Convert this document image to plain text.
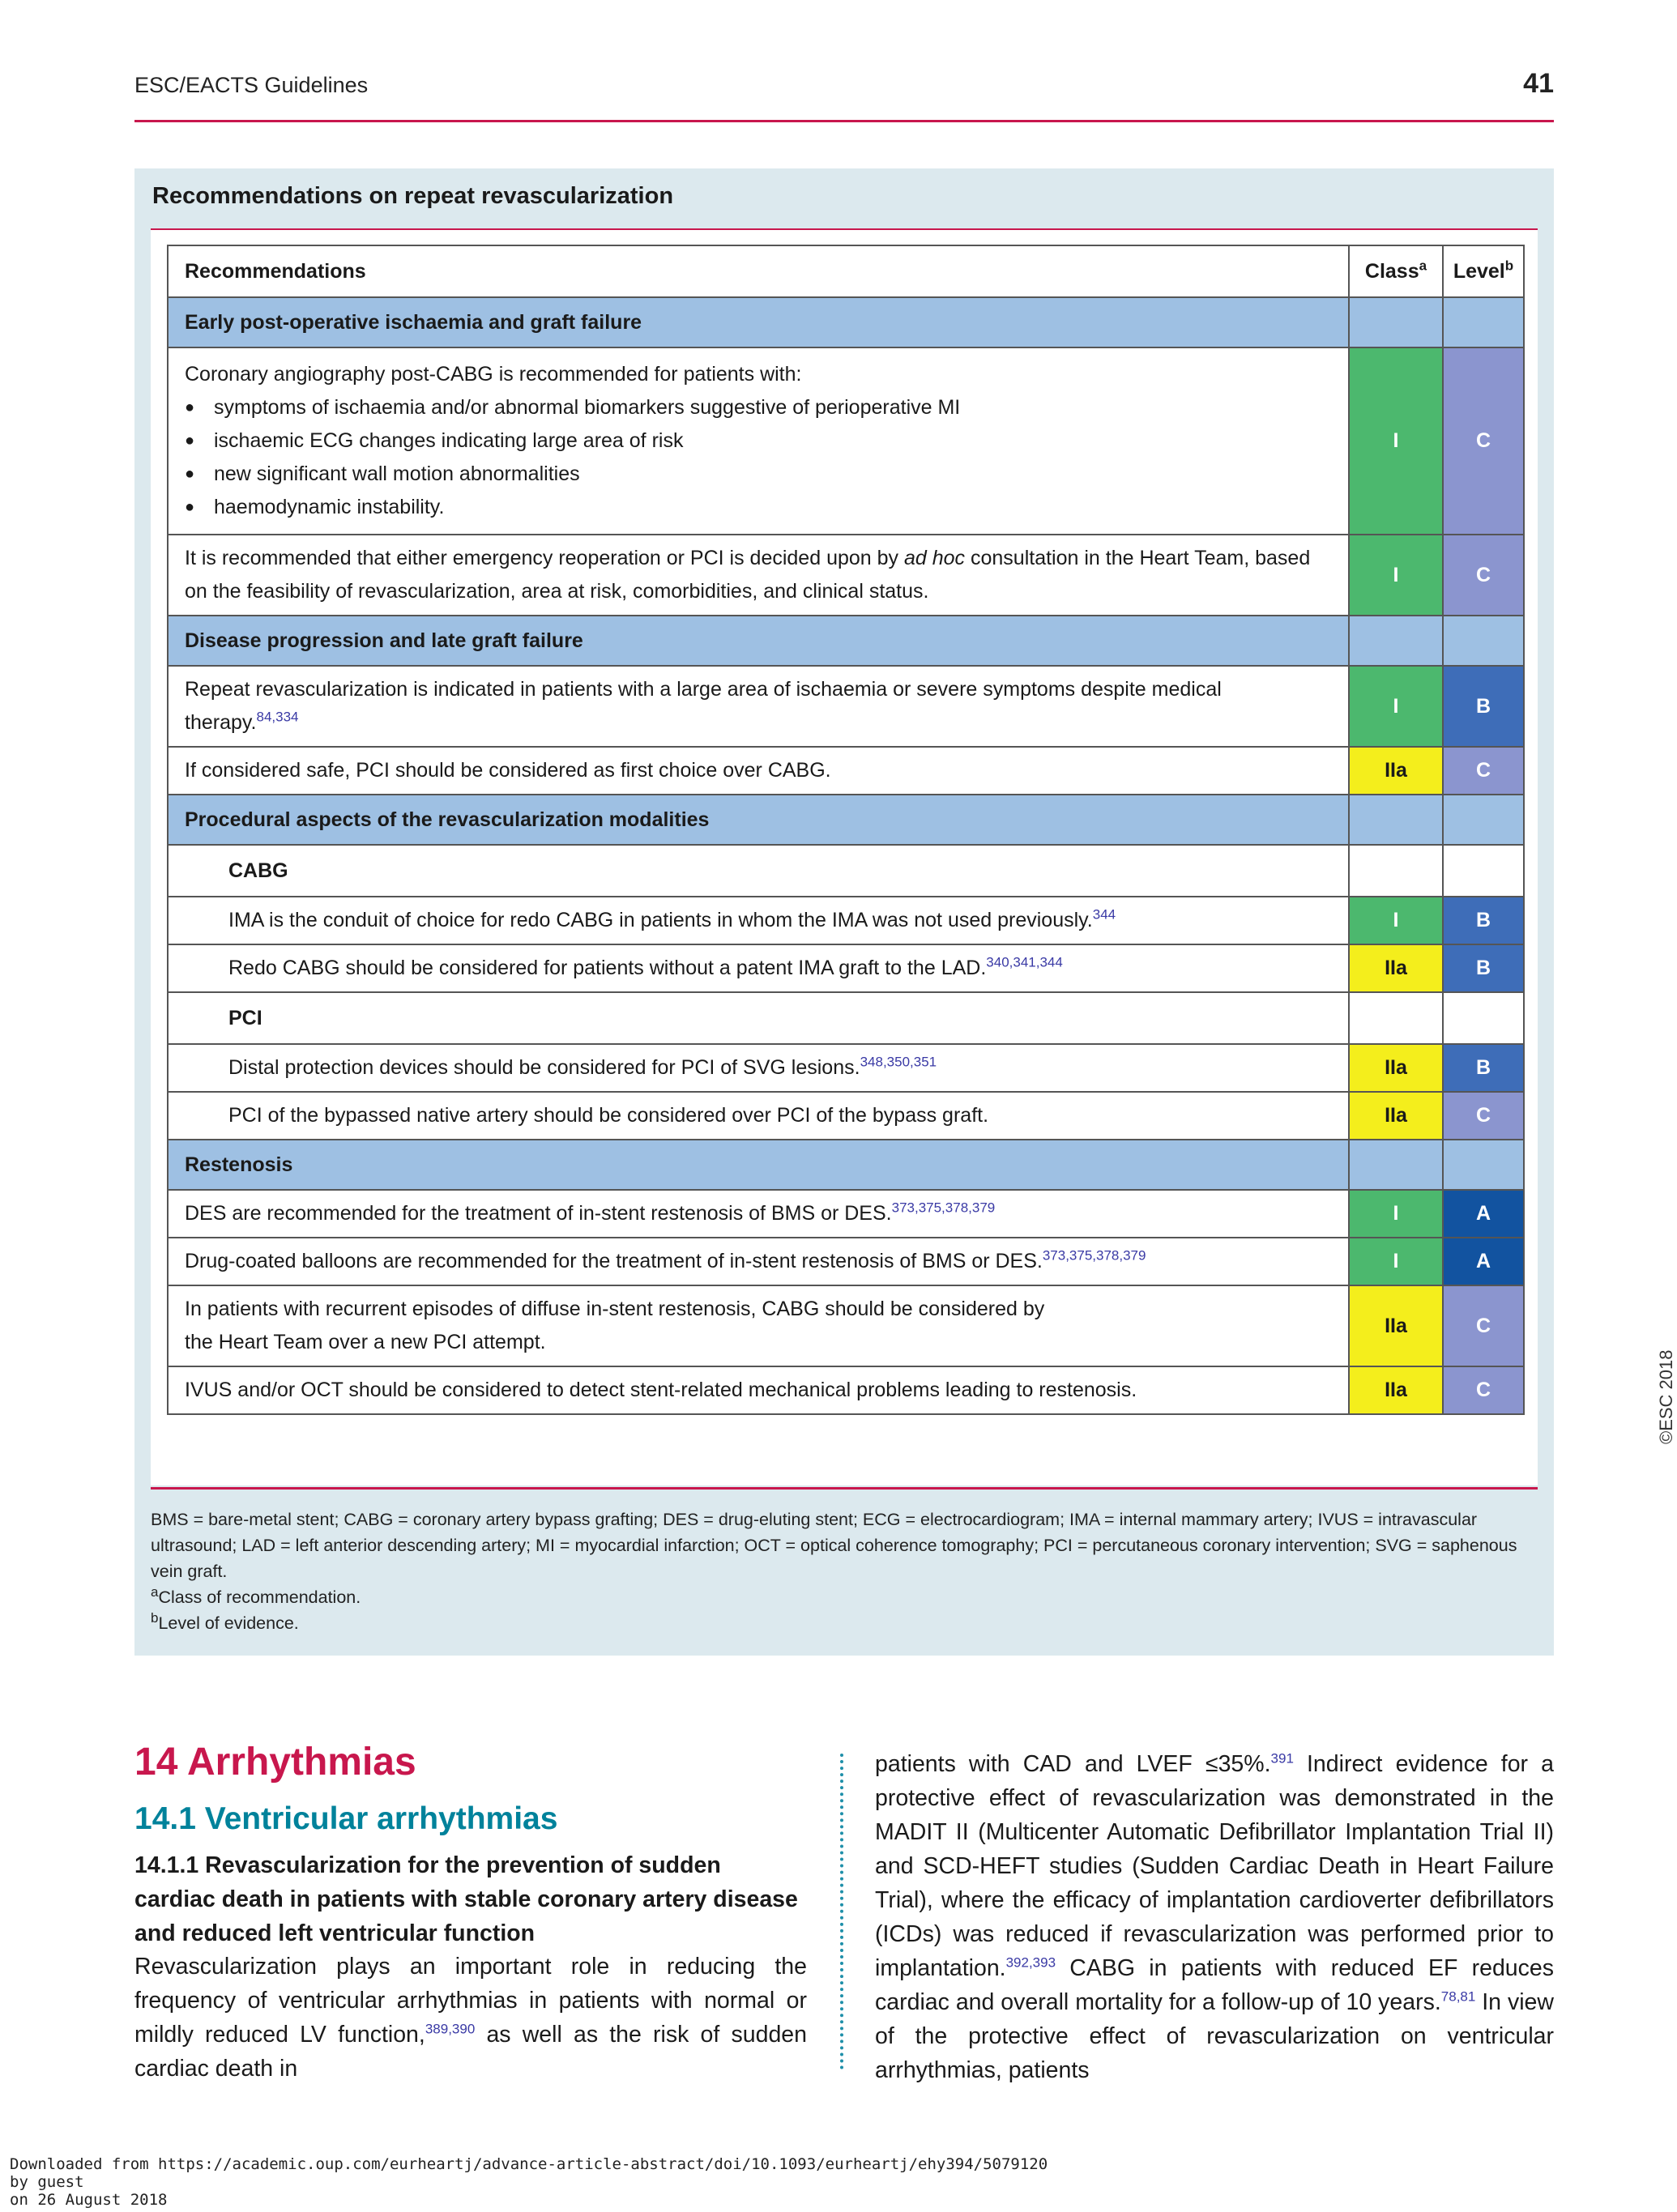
ESC/EACTS Guidelines	41
Recommendations on repeat revascularization
Recommendations	Class$^a$	Level$^b$
Early post-operative ischaemia and graft failure		
Coronary angiography post-CABG is recommended for patients with:
● symptoms of ischaemia and/or abnormal biomarkers suggestive of perioperative MI
● ischaemic ECG changes indicating large area of risk
● new significant wall motion abnormalities
● haemodynamic instability.	I	C
It is recommended that either emergency reoperation or PCI is decided upon by ad hoc consultation in the Heart Team, based on the feasibility of revascularization, area at risk, comorbidities, and clinical status.	I	C
Disease progression and late graft failure		
Repeat revascularization is indicated in patients with a large area of ischaemia or severe symptoms despite medical therapy.$^{84,334}$	I	B
If considered safe, PCI should be considered as first choice over CABG.	IIa	C
Procedural aspects of the revascularization modalities		
CABG		
IMA is the conduit of choice for redo CABG in patients in whom the IMA was not used previously.$^{344}$	I	B
Redo CABG should be considered for patients without a patent IMA graft to the LAD.$^{340,341,344}$	IIa	B
PCI		
Distal protection devices should be considered for PCI of SVG lesions.$^{348,350,351}$	IIa	B
PCI of the bypassed native artery should be considered over PCI of the bypass graft.	IIa	C
Restenosis		
DES are recommended for the treatment of in-stent restenosis of BMS or DES.$^{373,375,378,379}$	I	A
Drug-coated balloons are recommended for the treatment of in-stent restenosis of BMS or DES.$^{373,375,378,379}$	I	A
In patients with recurrent episodes of diffuse in-stent restenosis, CABG should be considered by the Heart Team over a new PCI attempt.	IIa	C
IVUS and/or OCT should be considered to detect stent-related mechanical problems leading to restenosis.	IIa	C	©ESC 2018
BMS = bare-metal stent; CABG = coronary artery bypass grafting; DES = drug-eluting stent; ECG = electrocardiogram; IMA = internal mammary artery; IVUS = intravascular ultrasound; LAD = left anterior descending artery; MI = myocardial infarction; OCT = optical coherence tomography; PCI = percutaneous coronary intervention; SVG = saphenous vein graft.
$^a$Class of recommendation.
$^b$Level of evidence.
14 Arrhythmias
14.1 Ventricular arrhythmias
14.1.1 Revascularization for the prevention of sudden cardiac death in patients with stable coronary artery disease and reduced left ventricular function
Revascularization plays an important role in reducing the frequency of ventricular arrhythmias in patients with normal or mildly reduced LV function,$^{389,390}$ as well as the risk of sudden cardiac death in
patients with CAD and LVEF ≤35%.$^{391}$ Indirect evidence for a protective effect of revascularization was demonstrated in the MADIT II (Multicenter Automatic Defibrillator Implantation Trial II) and SCD-HEFT studies (Sudden Cardiac Death in Heart Failure Trial), where the efficacy of implantation cardioverter defibrillators (ICDs) was reduced if revascularization was performed prior to implantation.$^{392,393}$ CABG in patients with reduced EF reduces cardiac and overall mortality for a follow-up of 10 years.$^{78,81}$ In view of the protective effect of revascularization on ventricular arrhythmias, patients
Downloaded from https://academic.oup.com/eurheartj/advance-article-abstract/doi/10.1093/eurheartj/ehy394/5079120
by guest
on 26 August 2018
